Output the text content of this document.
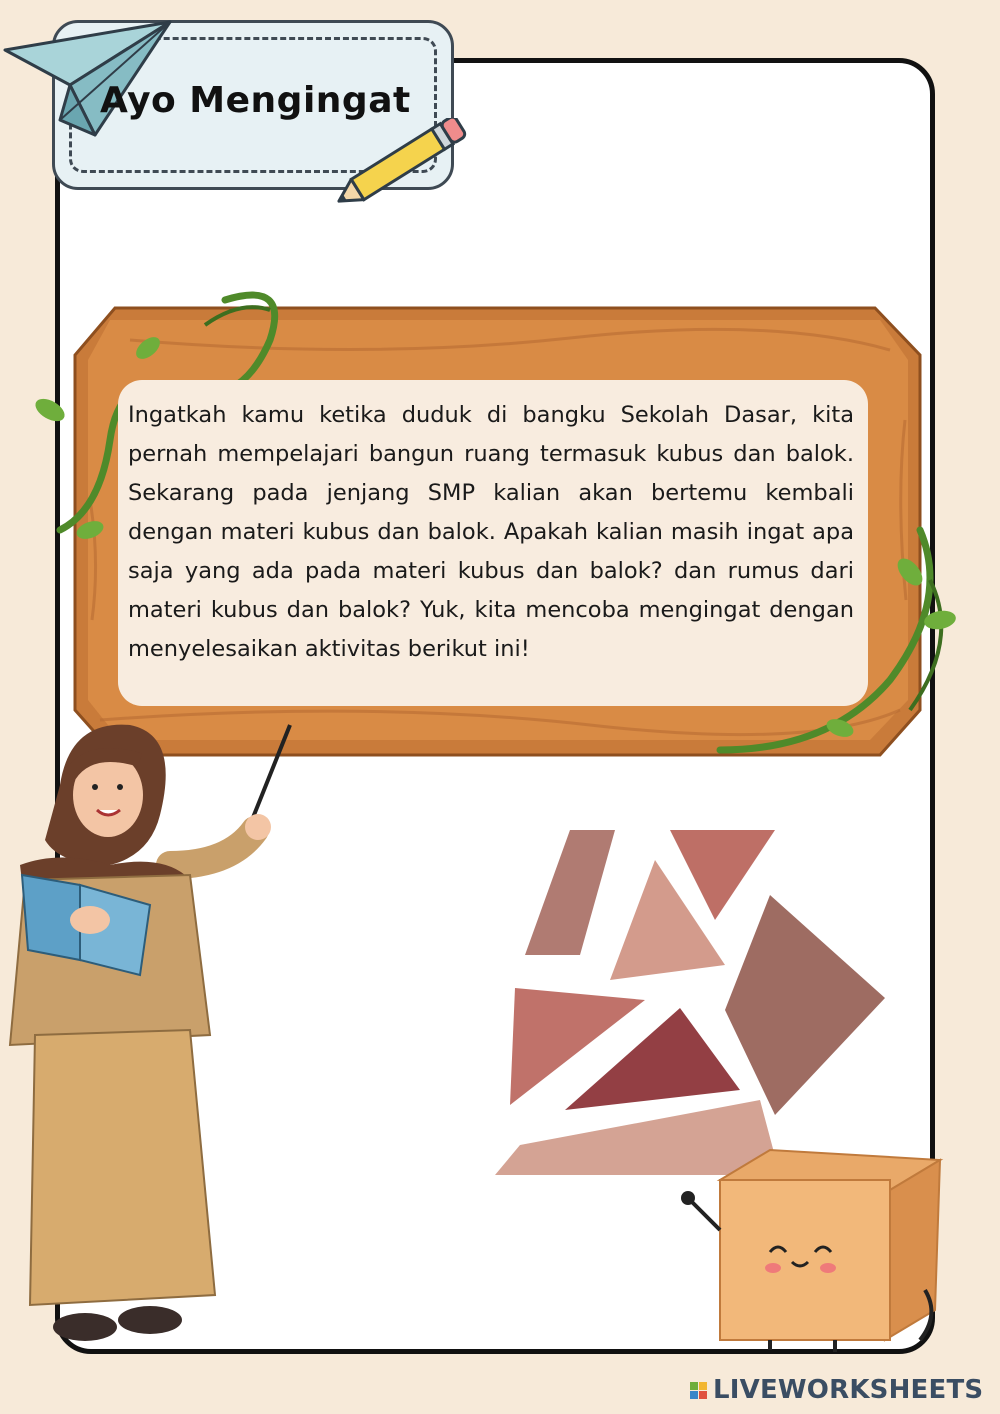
Ayo Mengingat

Ingatkah kamu ketika duduk di bangku Sekolah Dasar, kita pernah mempelajari bangun ruang termasuk kubus dan balok. Sekarang pada jenjang SMP kalian akan bertemu kembali dengan materi kubus dan balok. Apakah kalian masih ingat apa saja yang ada pada materi kubus dan balok? dan rumus dari materi kubus dan balok? Yuk, kita mencoba mengingat dengan menyelesaikan aktivitas berikut ini!

LIVEWORKSHEETS
